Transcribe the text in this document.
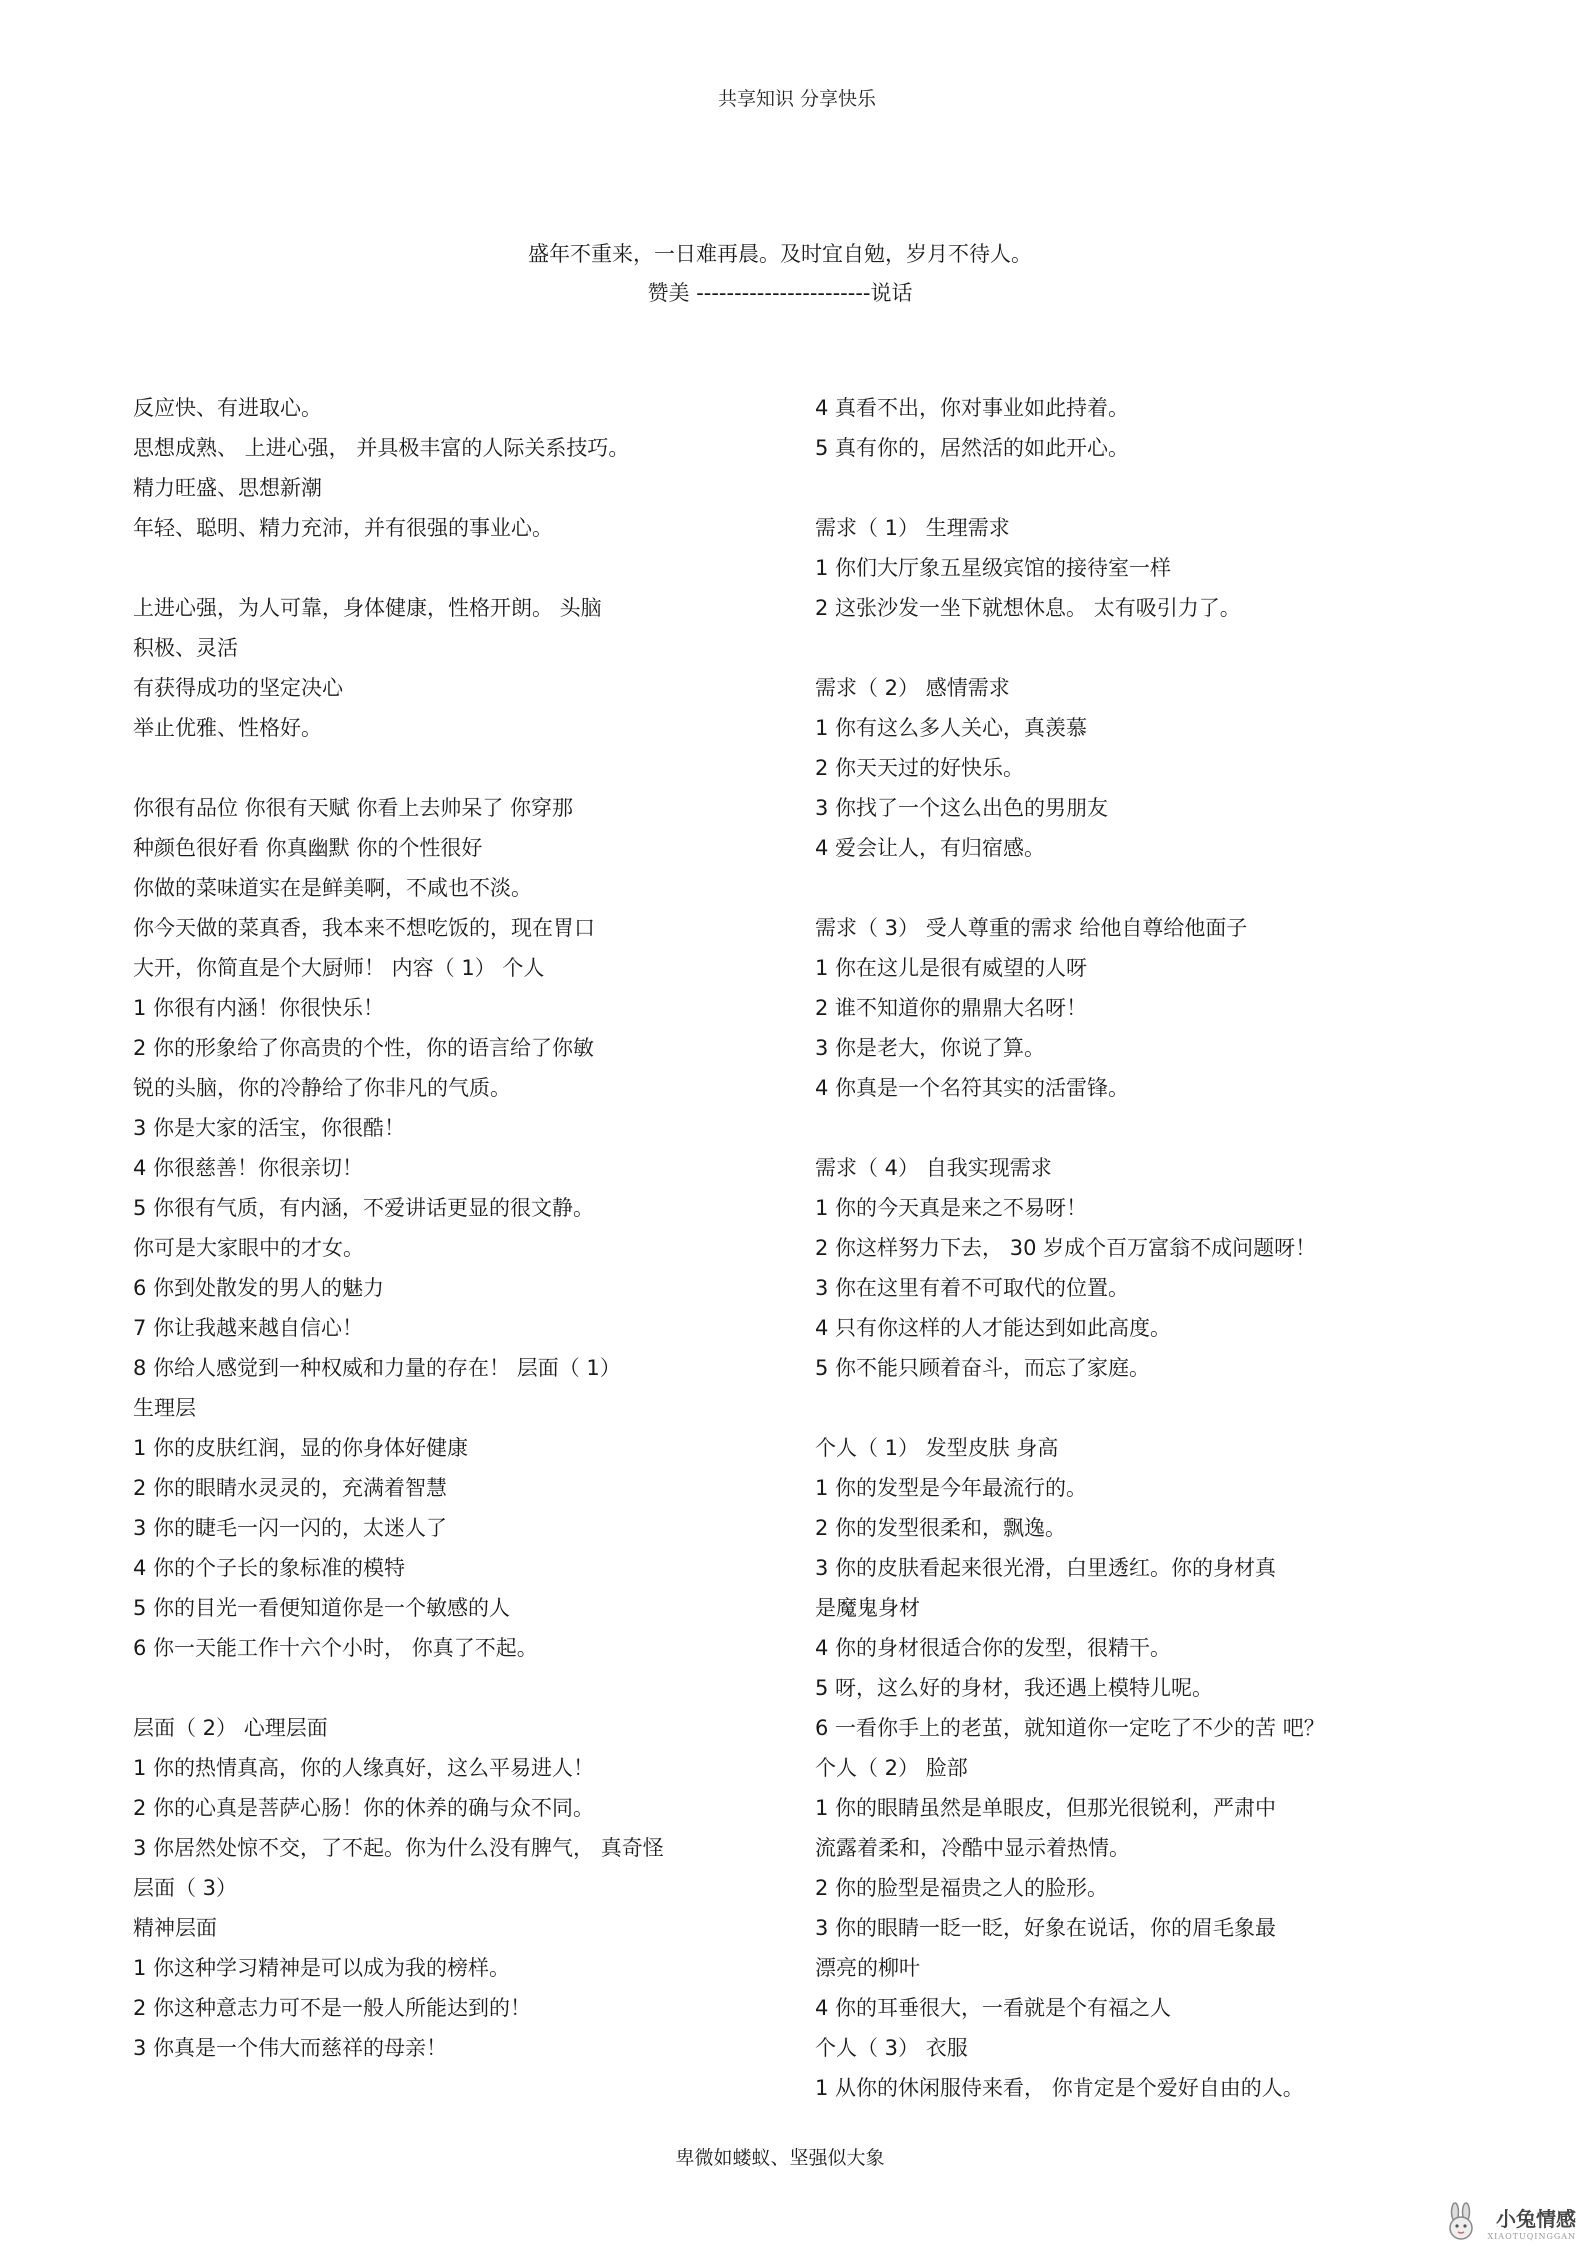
共享知识 分享快乐
盛年不重来，一日难再晨。及时宜自勉，岁月不待人。
赞美 -----------------------说话
反应快、有进取心。
思想成熟、 上进心强， 并具极丰富的人际关系技巧。
精力旺盛、思想新潮
年轻、聪明、精力充沛，并有很强的事业心。
上进心强，为人可靠，身体健康，性格开朗。 头脑
积极、灵活
有获得成功的坚定决心
举止优雅、性格好。
你很有品位 你很有天赋 你看上去帅呆了 你穿那
种颜色很好看 你真幽默 你的个性很好
你做的菜味道实在是鲜美啊，不咸也不淡。
你今天做的菜真香，我本来不想吃饭的，现在胃口
大开，你简直是个大厨师！ 内容（ 1） 个人
1 你很有内涵！你很快乐！
2 你的形象给了你高贵的个性，你的语言给了你敏
锐的头脑，你的冷静给了你非凡的气质。
3 你是大家的活宝，你很酷！
4 你很慈善！你很亲切！
5 你很有气质，有内涵，不爱讲话更显的很文静。
你可是大家眼中的才女。
6 你到处散发的男人的魅力
7 你让我越来越自信心！
8 你给人感觉到一种权威和力量的存在！ 层面（ 1）
生理层
1 你的皮肤红润，显的你身体好健康
2 你的眼睛水灵灵的，充满着智慧
3 你的睫毛一闪一闪的，太迷人了
4 你的个子长的象标准的模特
5 你的目光一看便知道你是一个敏感的人
6 你一天能工作十六个小时， 你真了不起。
层面（ 2） 心理层面
1 你的热情真高，你的人缘真好，这么平易进人！
2 你的心真是菩萨心肠！你的休养的确与众不同。
3 你居然处惊不交，了不起。你为什么没有脾气， 真奇怪
层面（ 3）
精神层面
1 你这种学习精神是可以成为我的榜样。
2 你这种意志力可不是一般人所能达到的！
3 你真是一个伟大而慈祥的母亲！
4 真看不出，你对事业如此持着。
5 真有你的，居然活的如此开心。
需求（ 1） 生理需求
1 你们大厅象五星级宾馆的接待室一样
2 这张沙发一坐下就想休息。 太有吸引力了。
需求（ 2） 感情需求
1 你有这么多人关心，真羡慕
2 你天天过的好快乐。
3 你找了一个这么出色的男朋友
4 爱会让人，有归宿感。
需求（ 3） 受人尊重的需求 给他自尊给他面子
1 你在这儿是很有威望的人呀
2 谁不知道你的鼎鼎大名呀！
3 你是老大，你说了算。
4 你真是一个名符其实的活雷锋。
需求（ 4） 自我实现需求
1 你的今天真是来之不易呀！
2 你这样努力下去， 30 岁成个百万富翁不成问题呀！
3 你在这里有着不可取代的位置。
4 只有你这样的人才能达到如此高度。
5 你不能只顾着奋斗，而忘了家庭。
个人（ 1） 发型皮肤 身高
1 你的发型是今年最流行的。
2 你的发型很柔和，飘逸。
3 你的皮肤看起来很光滑，白里透红。你的身材真
是魔鬼身材
4 你的身材很适合你的发型，很精干。
5 呀，这么好的身材，我还遇上模特儿呢。
6 一看你手上的老茧，就知道你一定吃了不少的苦 吧？
个人（ 2） 脸部
1 你的眼睛虽然是单眼皮，但那光很锐利，严肃中
流露着柔和，冷酷中显示着热情。
2 你的脸型是福贵之人的脸形。
3 你的眼睛一眨一眨，好象在说话，你的眉毛象最
漂亮的柳叶
4 你的耳垂很大，一看就是个有福之人
个人（ 3） 衣服
1 从你的休闲服侍来看， 你肯定是个爱好自由的人。
卑微如蝼蚁、坚强似大象
小兔情感
XIAOTUQINGGAN
